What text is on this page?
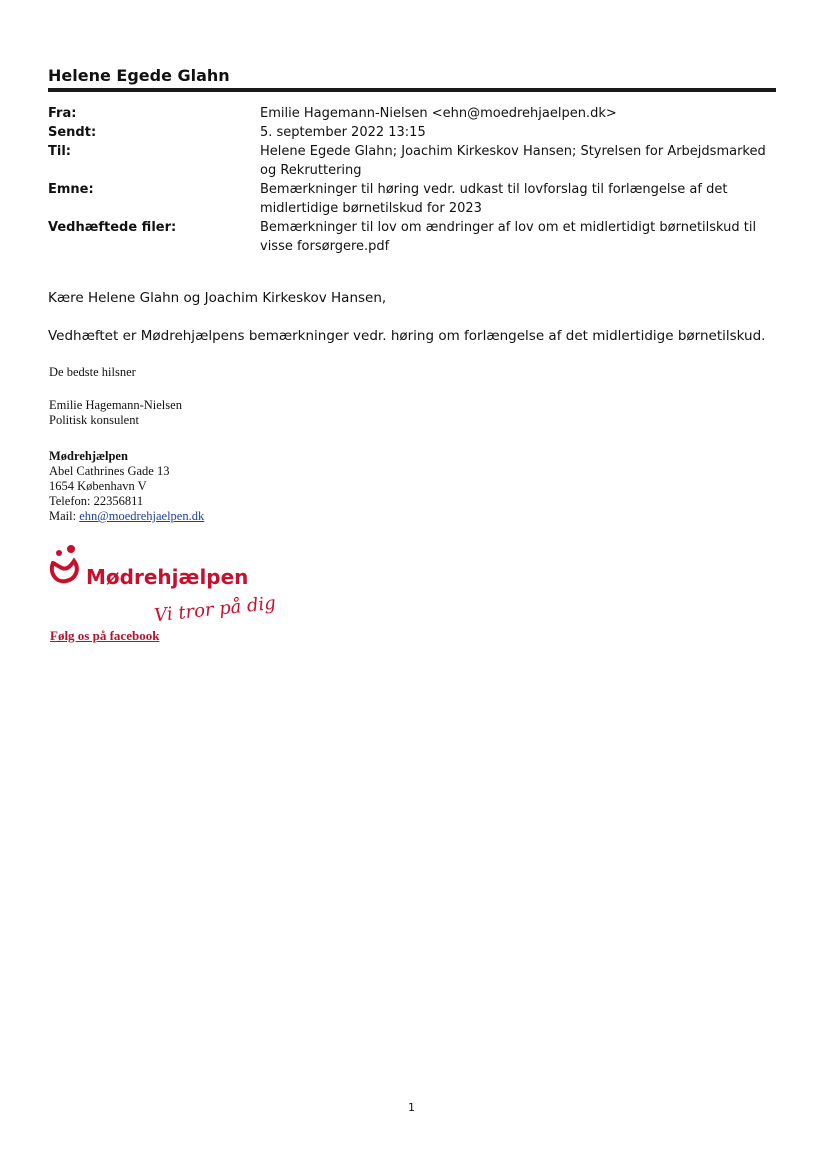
Helene Egede Glahn
Fra:	Emilie Hagemann-Nielsen <ehn@moedrehjaelpen.dk>
Sendt:	5. september 2022 13:15
Til:	Helene Egede Glahn; Joachim Kirkeskov Hansen; Styrelsen for Arbejdsmarked og Rekruttering
Emne:	Bemærkninger til høring vedr. udkast til lovforslag til forlængelse af det midlertidige børnetilskud for 2023
Vedhæftede filer:	Bemærkninger til lov om ændringer af lov om et midlertidigt børnetilskud til visse forsørgere.pdf
Kære Helene Glahn og Joachim Kirkeskov Hansen,
Vedhæftet er Mødrehjælpens bemærkninger vedr. høring om forlængelse af det midlertidige børnetilskud.
De bedste hilsner
Emilie Hagemann-Nielsen
Politisk konsulent
Mødrehjælpen
Abel Cathrines Gade 13
1654 København V
Telefon: 22356811
Mail: ehn@moedrehjaelpen.dk
Mødrehjælpen
Vi tror på dig
Følg os på facebook
1
